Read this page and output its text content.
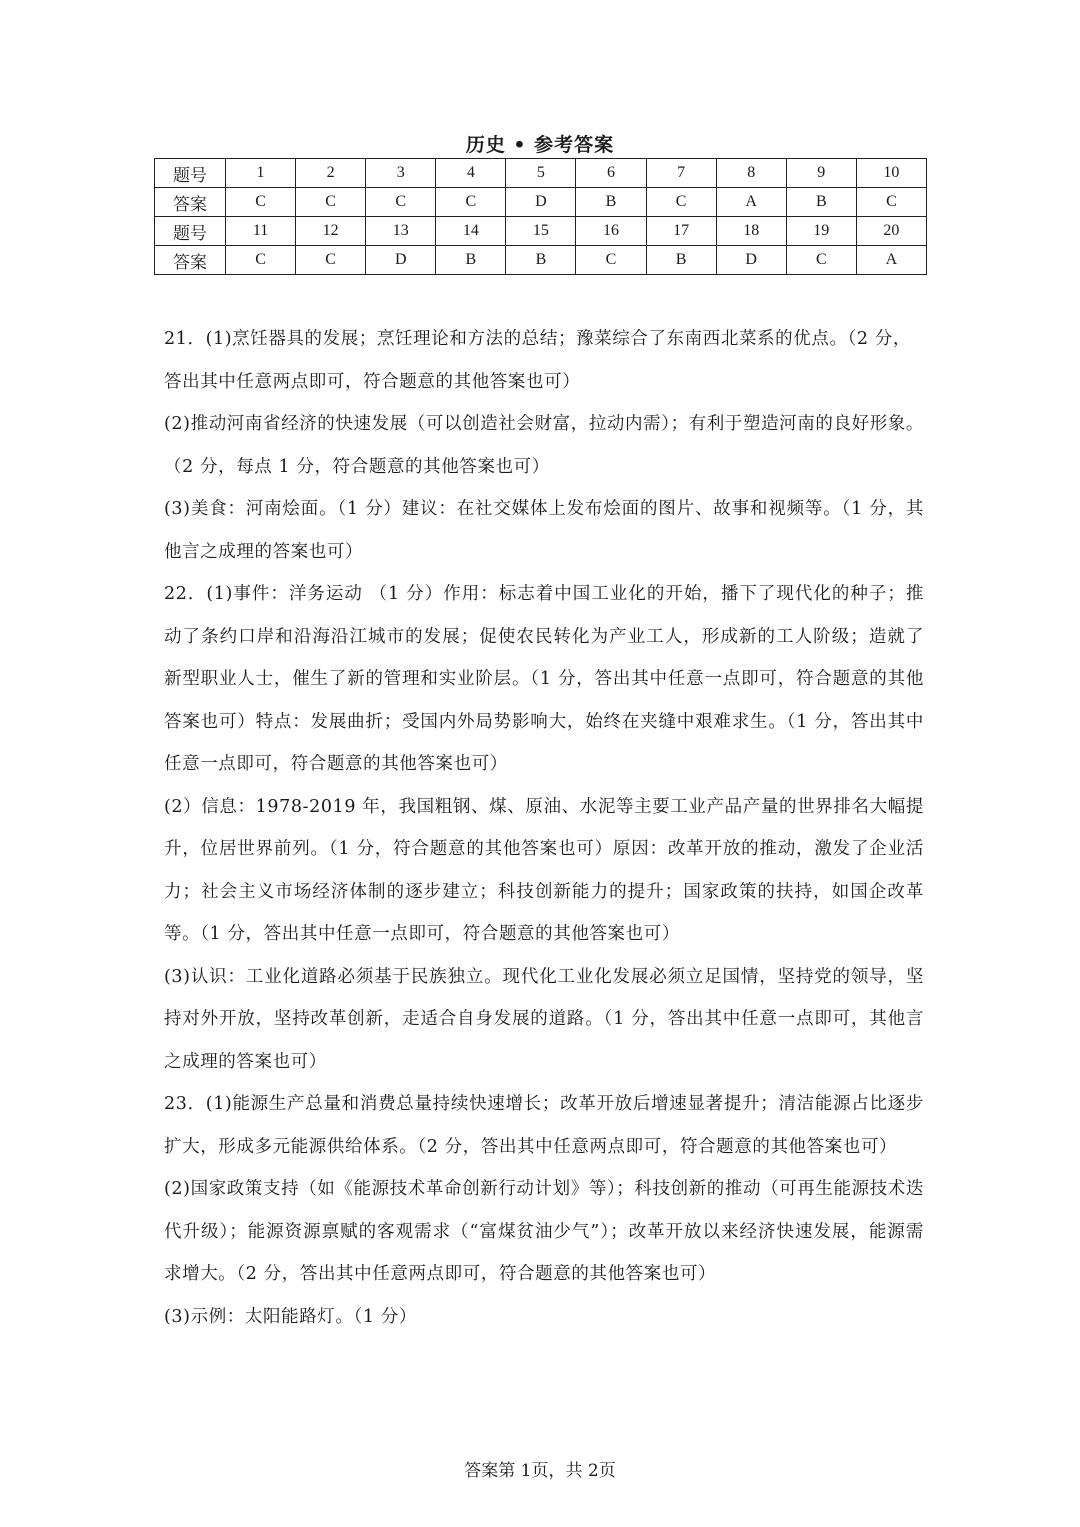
历史 • 参考答案
题号	1	2	3	4	5	6	7	8	9	10
答案	C	C	C	C	D	B	C	A	B	C
题号	11	12	13	14	15	16	17	18	19	20
答案	C	C	D	B	B	C	B	D	C	A

21．(1)烹饪器具的发展；烹饪理论和方法的总结；豫菜综合了东南西北菜系的优点。（2 分，

答出其中任意两点即可，符合题意的其他答案也可）

(2)推动河南省经济的快速发展（可以创造社会财富，拉动内需）；有利于塑造河南的良好形象。（2 分，每点 1 分，符合题意的其他答案也可）

(3)美食：河南烩面。（1 分）建议：在社交媒体上发布烩面的图片、故事和视频等。（1 分，其他言之成理的答案也可）

22．(1)事件：洋务运动 （1 分）作用：标志着中国工业化的开始，播下了现代化的种子；推动了条约口岸和沿海沿江城市的发展；促使农民转化为产业工人，形成新的工人阶级；造就了新型职业人士，催生了新的管理和实业阶层。（1 分，答出其中任意一点即可，符合题意的其他答案也可）特点：发展曲折；受国内外局势影响大，始终在夹缝中艰难求生。（1 分，答出其中任意一点即可，符合题意的其他答案也可）

(2）信息：1978-2019 年，我国粗钢、煤、原油、水泥等主要工业产品产量的世界排名大幅提升，位居世界前列。（1 分，符合题意的其他答案也可）原因：改革开放的推动，激发了企业活力；社会主义市场经济体制的逐步建立；科技创新能力的提升；国家政策的扶持，如国企改革等。（1 分，答出其中任意一点即可，符合题意的其他答案也可）

(3)认识：工业化道路必须基于民族独立。现代化工业化发展必须立足国情，坚持党的领导，坚持对外开放，坚持改革创新，走适合自身发展的道路。（1 分，答出其中任意一点即可，其他言之成理的答案也可）

23．(1)能源生产总量和消费总量持续快速增长；改革开放后增速显著提升；清洁能源占比逐步扩大，形成多元能源供给体系。（2 分，答出其中任意两点即可，符合题意的其他答案也可）

(2)国家政策支持（如《能源技术革命创新行动计划》等）；科技创新的推动（可再生能源技术迭代升级）；能源资源禀赋的客观需求（“富煤贫油少气”）；改革开放以来经济快速发展，能源需求增大。（2 分，答出其中任意两点即可，符合题意的其他答案也可）

(3)示例：太阳能路灯。（1 分）

答案第 1页，共 2页
